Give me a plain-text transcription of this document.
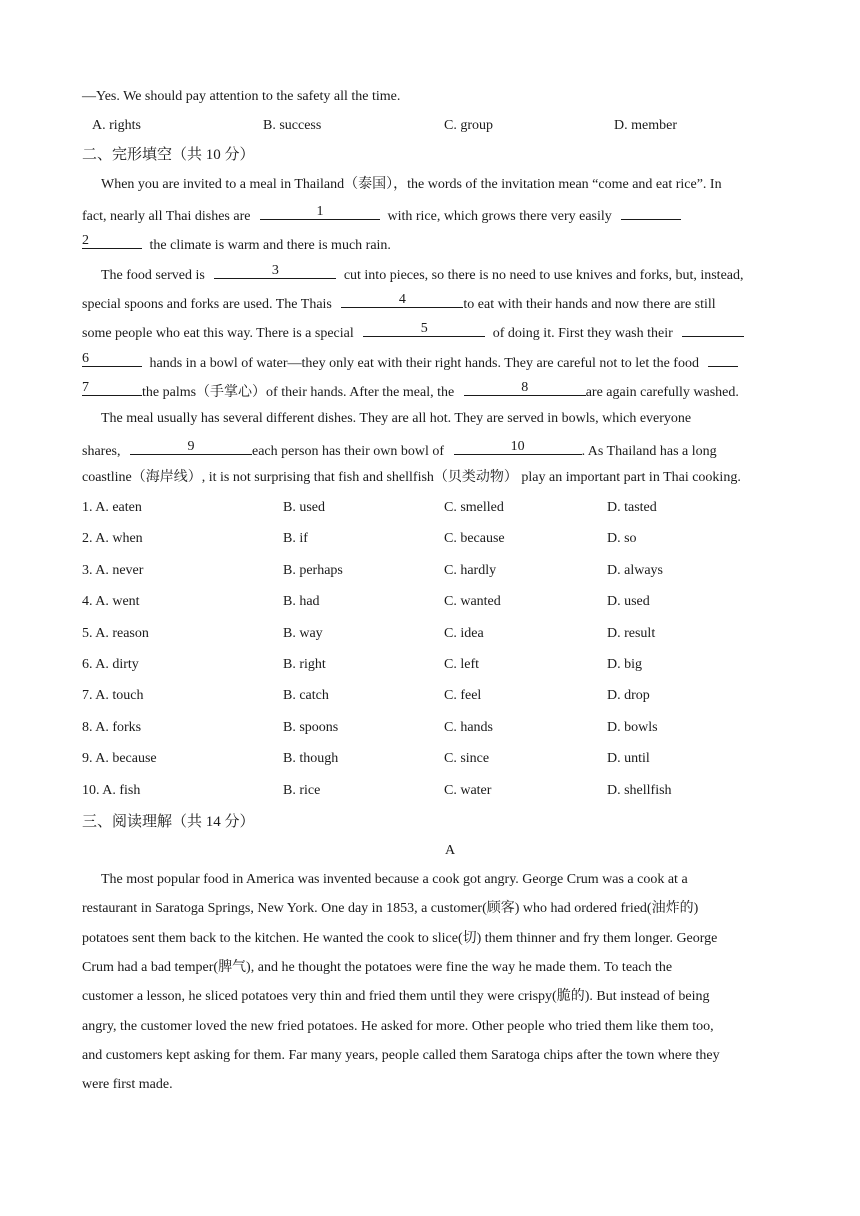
—Yes. We should pay attention to the safety all the time.
A. rights	B. success	C. group	D. member
二、完形填空（共 10 分）
When you are invited to a meal in Thailand（泰国），the words of the invitation mean “come and eat rice”. In
fact, nearly all Thai dishes are	1	with rice, which grows there very easily
2	the climate is warm and there is much rain.
The food served is	3	cut into pieces, so there is no need to use knives and forks, but, instead,
special spoons and forks are used. The Thais	4	to eat with their hands and now there are still
some people who eat this way. There is a special	5	of doing it. First they wash their
6	hands in a bowl of water—they only eat with their right hands. They are careful not to let the food
7	the palms（手掌心）of their hands. After the meal, the	8	are again carefully washed.
The meal usually has several different dishes. They are all hot. They are served in bowls, which everyone
shares,	9	each person has their own bowl of	10	. As Thailand has a long
coastline（海岸线）, it is not surprising that fish and shellfish（贝类动物） play an important part in Thai cooking.
1. A. eaten	B. used	C. smelled	D. tasted
2. A. when	B. if	C. because	D. so
3. A. never	B. perhaps	C. hardly	D. always
4. A. went	B. had	C. wanted	D. used
5. A. reason	B. way	C. idea	D. result
6. A. dirty	B. right	C. left	D. big
7. A. touch	B. catch	C. feel	D. drop
8. A. forks	B. spoons	C. hands	D. bowls
9. A. because	B. though	C. since	D. until
10. A. fish	B. rice	C. water	D. shellfish
三、阅读理解（共 14 分）
A
The most popular food in America was invented because a cook got angry. George Crum was a cook at a
restaurant in Saratoga Springs, New York. One day in 1853, a customer(顾客) who had ordered fried(油炸的)
potatoes sent them back to the kitchen. He wanted the cook to slice(切) them thinner and fry them longer. George
Crum had a bad temper(脾气), and he thought the potatoes were fine the way he made them. To teach the
customer a lesson, he sliced potatoes very thin and fried them until they were crispy(脆的). But instead of being
angry, the customer loved the new fried potatoes. He asked for more. Other people who tried them like them too,
and customers kept asking for them. Far many years, people called them Saratoga chips after the town where they
were first made.
